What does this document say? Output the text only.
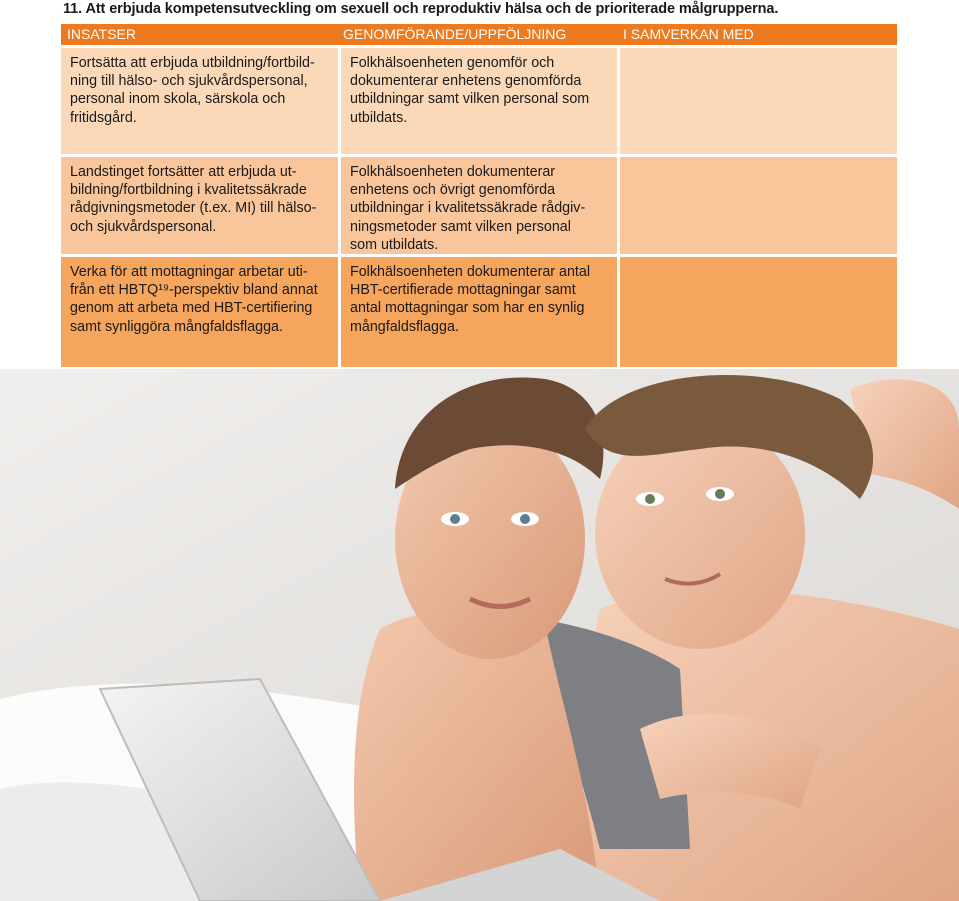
11. Att erbjuda kompetensutveckling om sexuell och reproduktiv hälsa och de prioriterade målgrupperna.
INSATSER	GENOMFÖRANDE/UPPFÖLJNING	I SAMVERKAN MED
Fortsätta att erbjuda utbildning/fortbild-
ning till hälso- och sjukvårdspersonal,
personal inom skola, särskola och
fritidsgård.
Folkhälsoenheten genomför och
dokumenterar enhetens genomförda
utbildningar samt vilken personal som
utbildats.
Landstinget fortsätter att erbjuda ut-
bildning/fortbildning i kvalitetssäkrade
rådgivningsmetoder (t.ex. MI) till hälso-
och sjukvårdspersonal.
Folkhälsoenheten dokumenterar
enhetens och övrigt genomförda
utbildningar i kvalitetssäkrade rådgiv-
ningsmetoder samt vilken personal
som utbildats.
Verka för att mottagningar arbetar uti-
från ett HBTQ¹⁹-perspektiv bland annat
genom att arbeta med HBT-certifiering
samt synliggöra mångfaldsflagga.
Folkhälsoenheten dokumenterar antal
HBT-certifierade mottagningar samt
antal mottagningar som har en synlig
mångfaldsflagga.
